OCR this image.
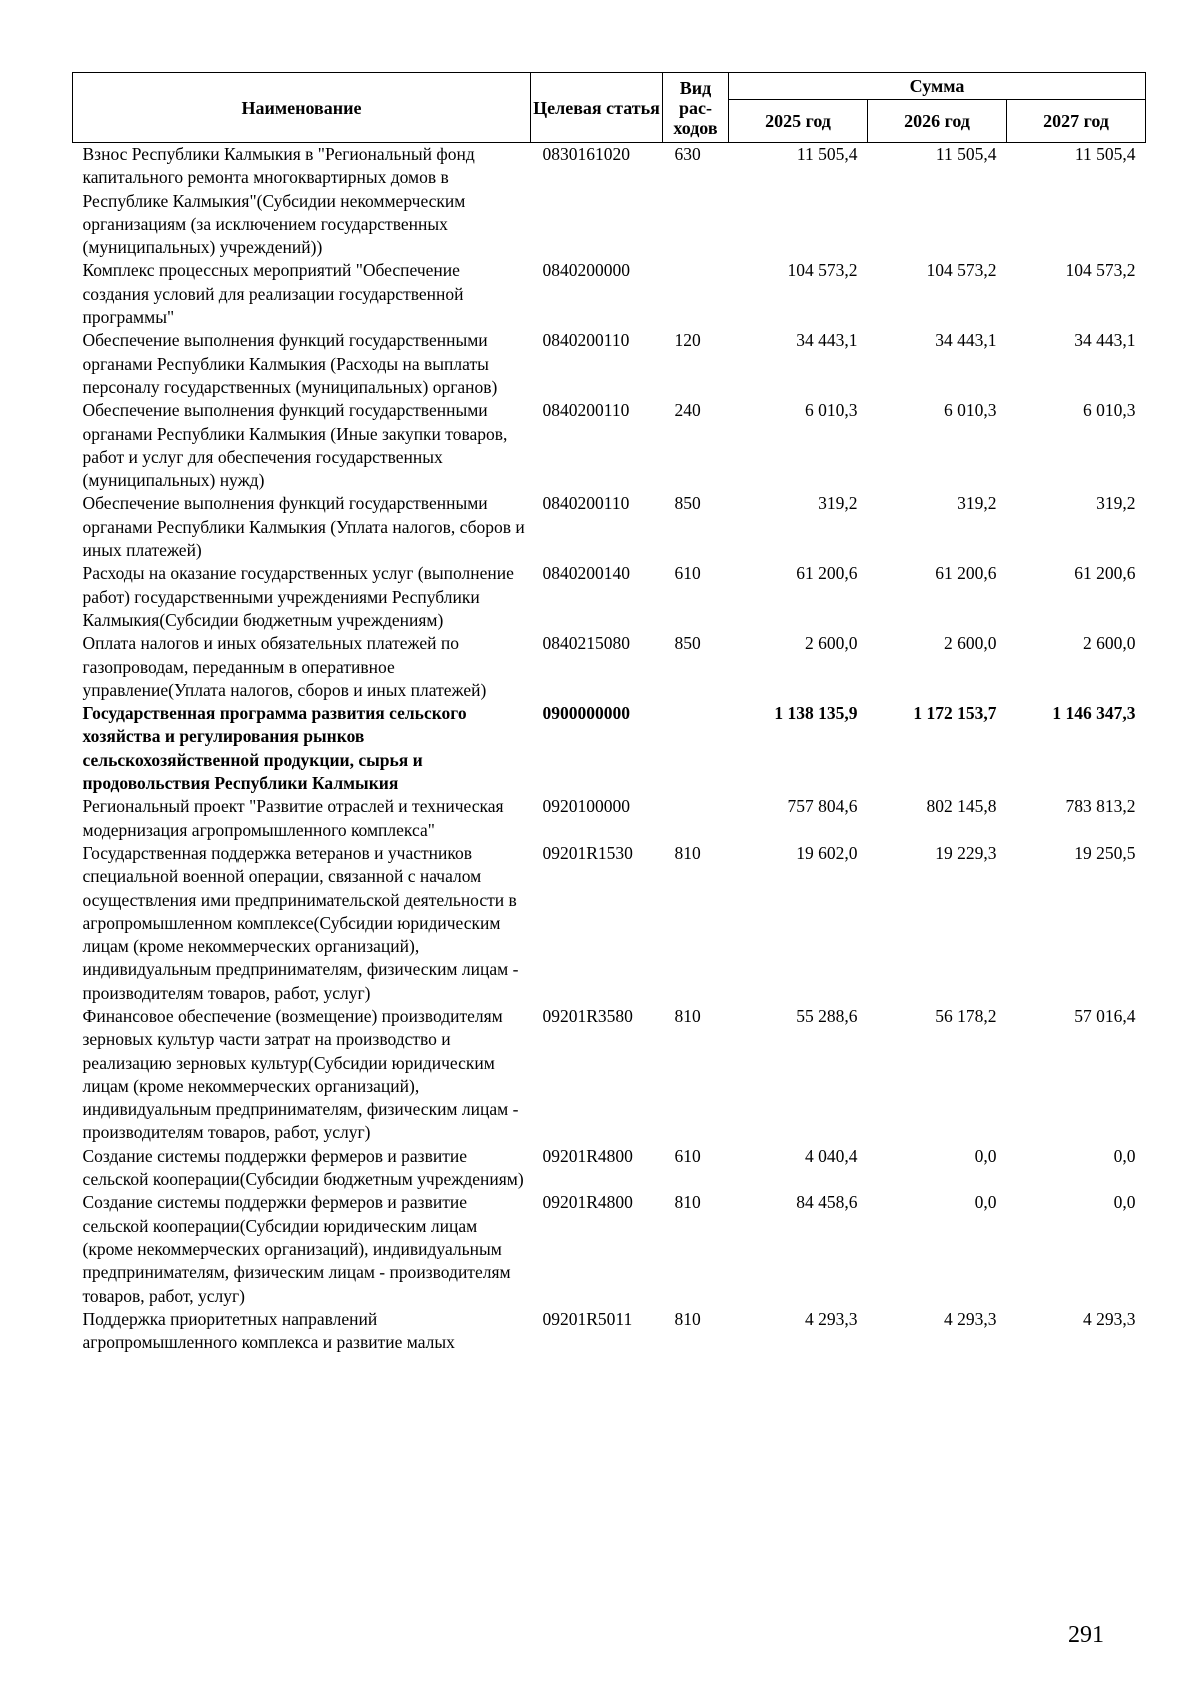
Наименование	Целевая статья	Вид рас-ходов	Сумма		
			2025 год	2026 год	2027 год
Взнос Республики Калмыкия в "Региональный фонд капитального ремонта многоквартирных домов в Республике Калмыкия"(Субсидии некоммерческим организациям (за исключением государственных (муниципальных) учреждений))	0830161020	630	11 505,4	11 505,4	11 505,4
Комплекс процессных мероприятий "Обеспечение создания условий для реализации государственной программы"	0840200000		104 573,2	104 573,2	104 573,2
Обеспечение выполнения функций государственными органами Республики Калмыкия (Расходы на выплаты персоналу государственных (муниципальных) органов)	0840200110	120	34 443,1	34 443,1	34 443,1
Обеспечение выполнения функций государственными органами Республики Калмыкия (Иные закупки товаров, работ и услуг для обеспечения государственных (муниципальных) нужд)	0840200110	240	6 010,3	6 010,3	6 010,3
Обеспечение выполнения функций государственными органами Республики Калмыкия (Уплата налогов, сборов и иных платежей)	0840200110	850	319,2	319,2	319,2
Расходы на оказание государственных услуг (выполнение работ) государственными учреждениями Республики Калмыкия(Субсидии бюджетным учреждениям)	0840200140	610	61 200,6	61 200,6	61 200,6
Оплата налогов и иных обязательных платежей по газопроводам, переданным в оперативное управление(Уплата налогов, сборов и иных платежей)	0840215080	850	2 600,0	2 600,0	2 600,0
Государственная программа развития сельского хозяйства и регулирования рынков сельскохозяйственной продукции, сырья и продовольствия Республики Калмыкия	0900000000		1 138 135,9	1 172 153,7	1 146 347,3
Региональный проект "Развитие отраслей и техническая модернизация агропромышленного комплекса"	0920100000		757 804,6	802 145,8	783 813,2
Государственная поддержка ветеранов и участников специальной военной операции, связанной с началом осуществления ими предпринимательской деятельности в агропромышленном комплексе(Субсидии юридическим лицам (кроме некоммерческих организаций), индивидуальным предпринимателям, физическим лицам - производителям товаров, работ, услуг)	09201R1530	810	19 602,0	19 229,3	19 250,5
Финансовое обеспечение (возмещение) производителям зерновых культур части затрат на производство и реализацию зерновых культур(Субсидии юридическим лицам (кроме некоммерческих организаций), индивидуальным предпринимателям, физическим лицам - производителям товаров, работ, услуг)	09201R3580	810	55 288,6	56 178,2	57 016,4
Создание системы поддержки фермеров и развитие сельской кооперации(Субсидии бюджетным учреждениям)	09201R4800	610	4 040,4	0,0	0,0
Создание системы поддержки фермеров и развитие сельской кооперации(Субсидии юридическим лицам (кроме некоммерческих организаций), индивидуальным предпринимателям, физическим лицам - производителям товаров, работ, услуг)	09201R4800	810	84 458,6	0,0	0,0
Поддержка приоритетных направлений агропромышленного комплекса и развитие малых	09201R5011	810	4 293,3	4 293,3	4 293,3
291
